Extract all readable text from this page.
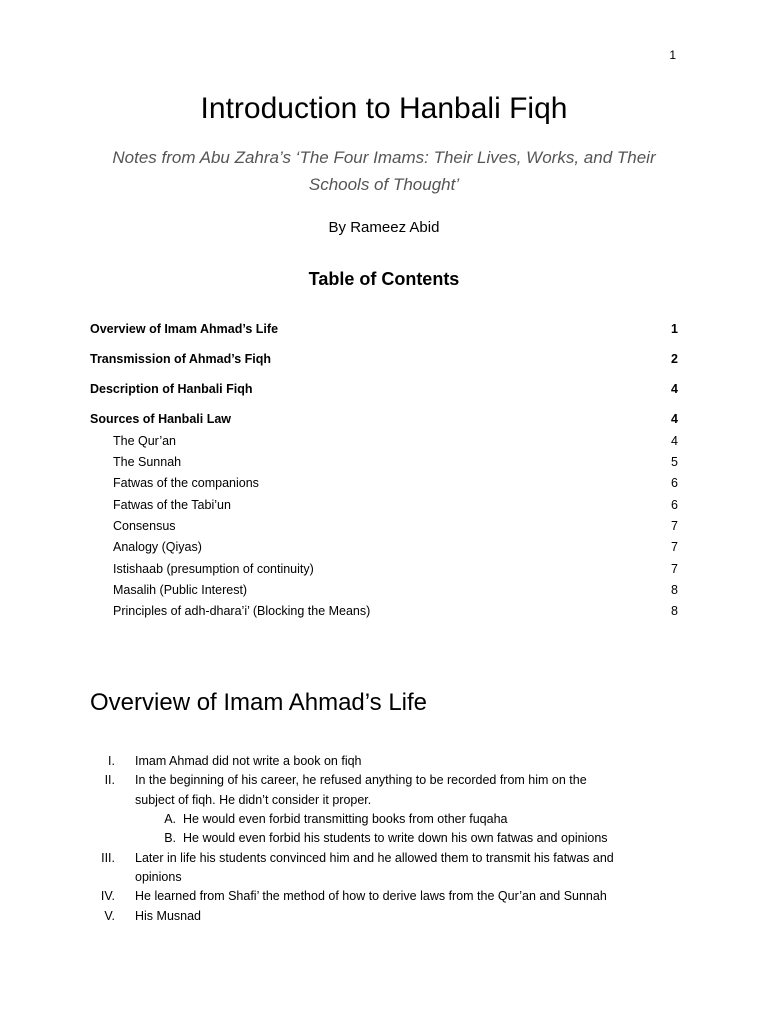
1
Introduction to Hanbali Fiqh

Notes from Abu Zahra’s ‘The Four Imams: Their Lives, Works, and Their Schools of Thought’

By Rameez Abid

Table of Contents
Overview of Imam Ahmad’s Life	1
Transmission of Ahmad’s Fiqh	2
Description of Hanbali Fiqh	4
Sources of Hanbali Law	4
The Qur’an	4
The Sunnah	5
Fatwas of the companions	6
Fatwas of the Tabi’un	6
Consensus	7
Analogy (Qiyas)	7
Istishaab (presumption of continuity)	7
Masalih (Public Interest)	8
Principles of adh-dhara’i’ (Blocking the Means)	8
Overview of Imam Ahmad’s Life
I. Imam Ahmad did not write a book on fiqh
II. In the beginning of his career, he refused anything to be recorded from him on the
subject of fiqh. He didn’t consider it proper.
A. He would even forbid transmitting books from other fuqaha
B. He would even forbid his students to write down his own fatwas and opinions
III. Later in life his students convinced him and he allowed them to transmit his fatwas and
opinions
IV. He learned from Shafi’ the method of how to derive laws from the Qur’an and Sunnah
V. His Musnad
